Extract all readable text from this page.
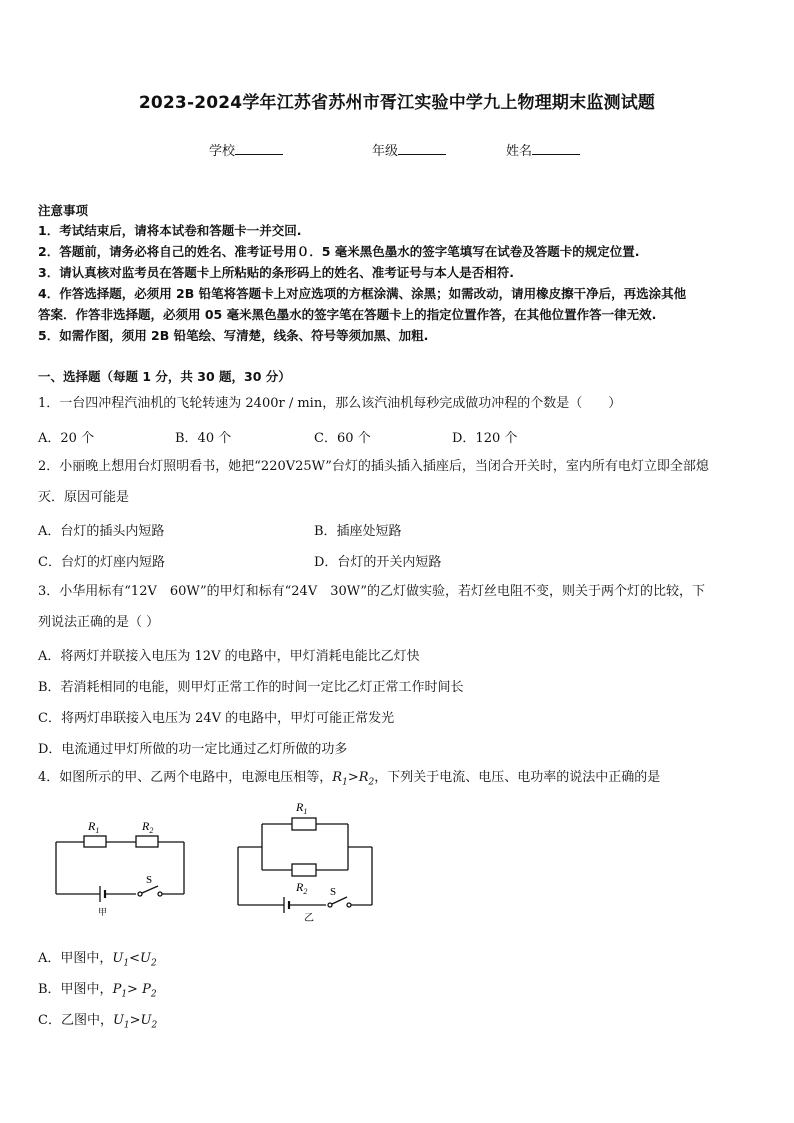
2023-2024学年江苏省苏州市胥江实验中学九上物理期末监测试题
学校	年级	姓名
注意事项
1．考试结束后，请将本试卷和答题卡一并交回.
2．答题前，请务必将自己的姓名、准考证号用０．5 毫米黑色墨水的签字笔填写在试卷及答题卡的规定位置.
3．请认真核对监考员在答题卡上所粘贴的条形码上的姓名、准考证号与本人是否相符.
4．作答选择题，必须用 2B 铅笔将答题卡上对应选项的方框涂满、涂黑；如需改动，请用橡皮擦干净后，再选涂其他
答案．作答非选择题，必须用 05 毫米黑色墨水的签字笔在答题卡上的指定位置作答，在其他位置作答一律无效.
5．如需作图，须用 2B 铅笔绘、写清楚，线条、符号等须加黑、加粗.
一、选择题（每题 1 分，共 30 题，30 分）
1．一台四冲程汽油机的飞轮转速为 2400r / min，那么该汽油机每秒完成做功冲程的个数是（　　）
A．20 个	B．40 个	C．60 个	D．120 个
2．小丽晚上想用台灯照明看书，她把“220V25W”台灯的插头插入插座后，当闭合开关时，室内所有电灯立即全部熄
灭．原因可能是
A．台灯的插头内短路	B．插座处短路
C．台灯的灯座内短路	D．台灯的开关内短路
3．小华用标有“12V　60W”的甲灯和标有“24V　30W”的乙灯做实验，若灯丝电阻不变，则关于两个灯的比较，下
列说法正确的是（ ）
A．将两灯并联接入电压为 12V 的电路中，甲灯消耗电能比乙灯快
B．若消耗相同的电能，则甲灯正常工作的时间一定比乙灯正常工作时间长
C．将两灯串联接入电压为 24V 的电路中，甲灯可能正常发光
D．电流通过甲灯所做的功一定比通过乙灯所做的功多
4．如图所示的甲、乙两个电路中，电源电压相等，$R_1>R_2$，下列关于电流、电压、电功率的说法中正确的是
$R_1$	$R_2$
S
甲
$R_1$
$R_2$ S
乙
A．甲图中，$U_1<U_2$
B．甲图中，$P_1> P_2$
C．乙图中，$U_1>U_2$
